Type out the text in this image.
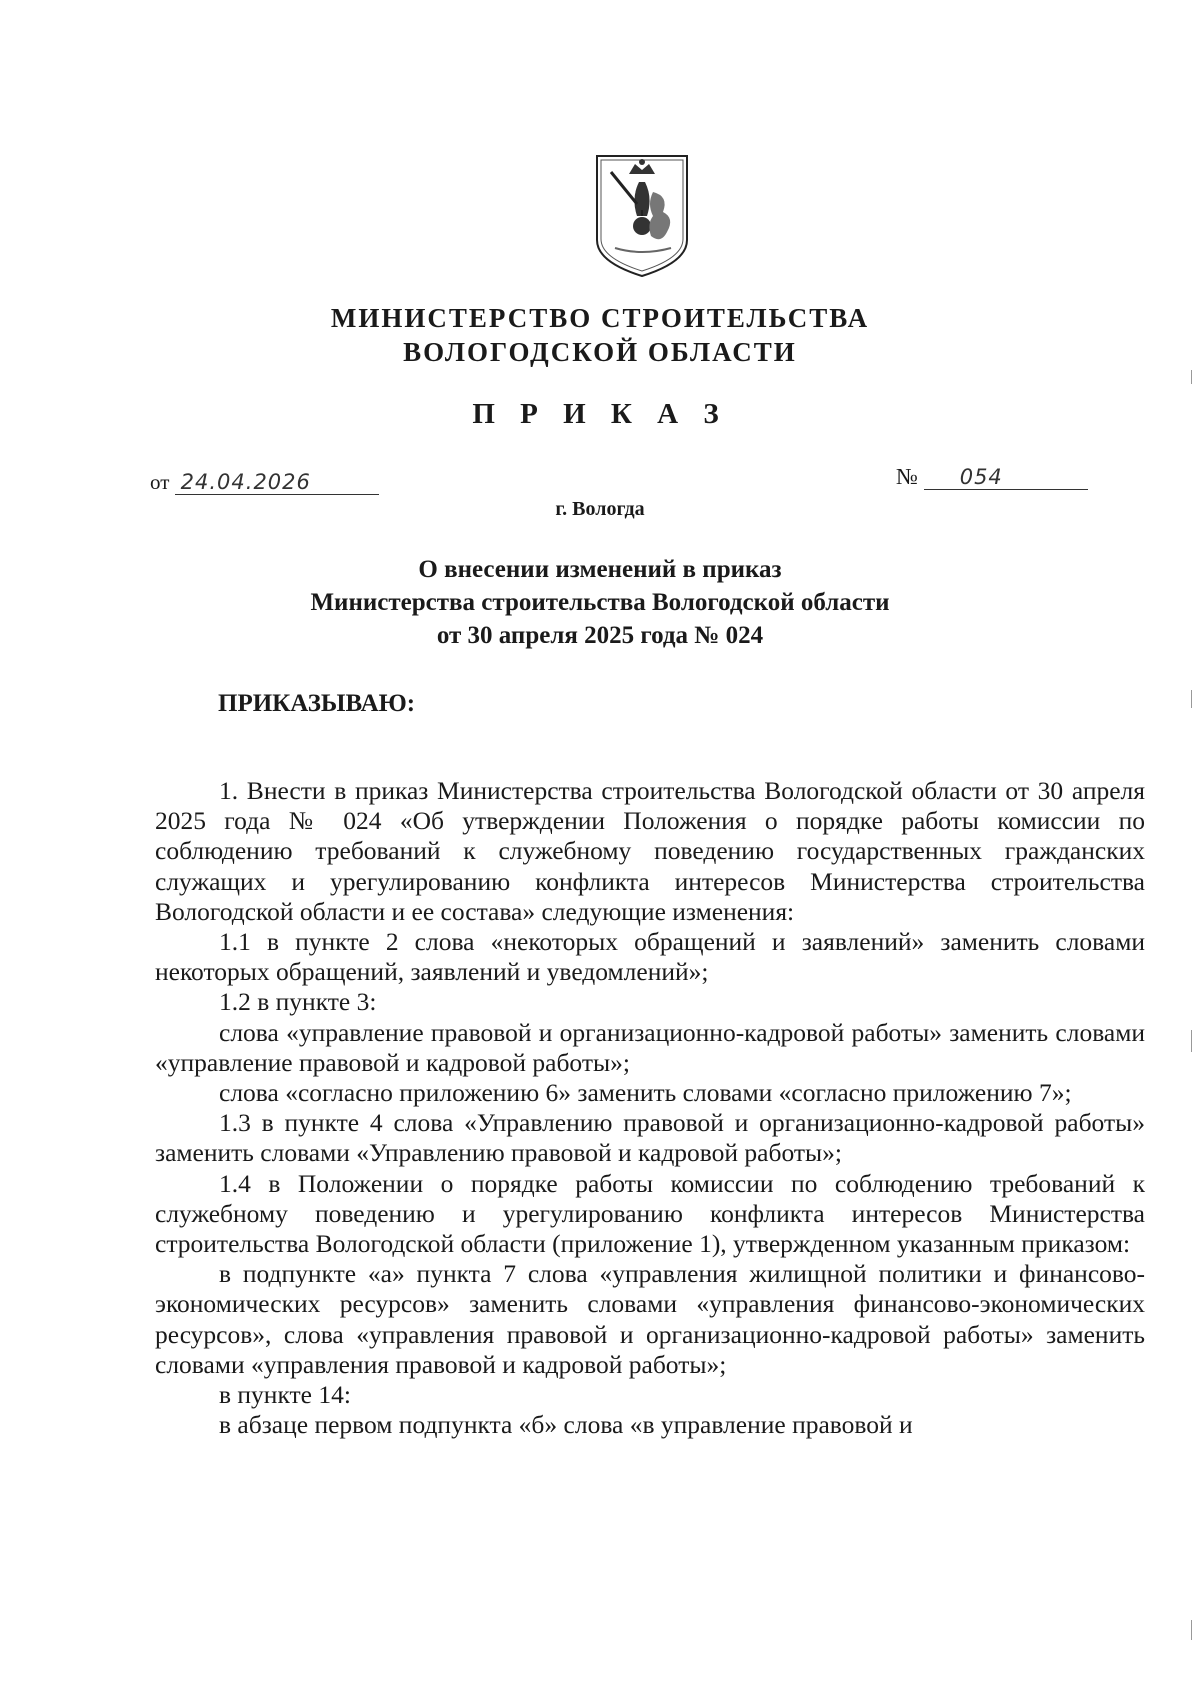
МИНИСТЕРСТВО СТРОИТЕЛЬСТВА
ВОЛОГОДСКОЙ ОБЛАСТИ
П Р И К А З
от 24.04.2026	№ 054
г. Вологда
О внесении изменений в приказ
Министерства строительства Вологодской области
от 30 апреля 2025 года № 024
ПРИКАЗЫВАЮ:

1. Внести в приказ Министерства строительства Вологодской области от 30 апреля 2025 года № 024 «Об утверждении Положения о порядке работы комиссии по соблюдению требований к служебному поведению государственных гражданских служащих и урегулированию конфликта интересов Министерства строительства Вологодской области и ее состава» следующие изменения:

1.1 в пункте 2 слова «некоторых обращений и заявлений» заменить словами некоторых обращений, заявлений и уведомлений»;

1.2 в пункте 3:

слова «управление правовой и организационно-кадровой работы» заменить словами «управление правовой и кадровой работы»;

слова «согласно приложению 6» заменить словами «согласно приложению 7»;

1.3 в пункте 4 слова «Управлению правовой и организационно-кадровой работы» заменить словами «Управлению правовой и кадровой работы»;

1.4 в Положении о порядке работы комиссии по соблюдению требований к служебному поведению и урегулированию конфликта интересов Министерства строительства Вологодской области (приложение 1), утвержденном указанным приказом:

в подпункте «а» пункта 7 слова «управления жилищной политики и финансово-экономических ресурсов» заменить словами «управления финансово-экономических ресурсов», слова «управления правовой и организационно-кадровой работы» заменить словами «управления правовой и кадровой работы»;

в пункте 14:

в абзаце первом подпункта «б» слова «в управление правовой и
